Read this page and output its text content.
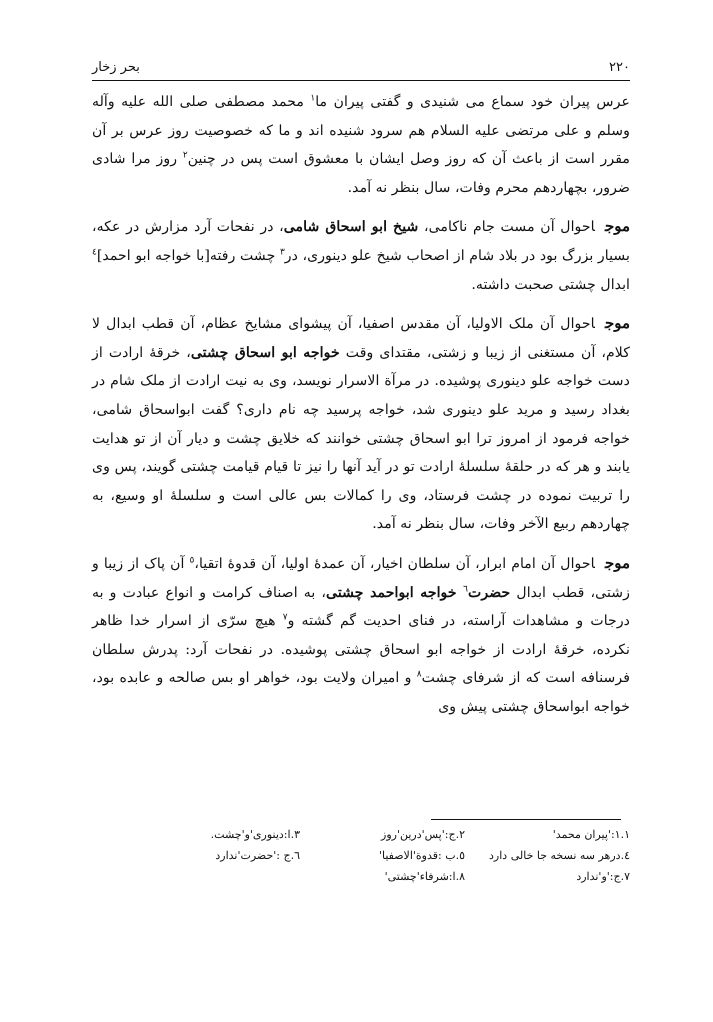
بحر زخار	۲۲۰

عرس پیران خود سماع می شنیدی و گفتی پیران ما$^۱$ محمد مصطفی صلی الله علیه وآله وسلم و علی مرتضی علیه السلام هم سرود شنیده اند و ما که خصوصیت روز عرس بر آن مقرر است از باعث آن که روز وصل ایشان با معشوق است پس در چنین$^۲$ روز مرا شادی ضرور، بچهاردهم محرم وفات، سال بنظر نه آمد.

موجاحوال آن مست جام ناکامی، شیخ ابو اسحاق شامی، در نفحات آرد مزارش در عکه، بسیار بزرگ بود در بلاد شام از اصحاب شیخ علو دینوری، در$^۳$ چشت رفته[با خواجه ابو احمد]$^٤$ ابدال چشتی صحبت داشته.

موجاحوال آن ملک الاولیا، آن مقدس اصفیا، آن پیشوای مشایخ عظام، آن قطب ابدال لا کلام، آن مستغنی از زیبا و زشتی، مقتدای وقت خواجه ابو اسحاق چشتی، خرقهٔ ارادت از دست خواجه علو دینوری پوشیده. در مرآة الاسرار نویسد، وی به نیت ارادت از ملک شام در بغداد رسید و مرید علو دینوری شد، خواجه پرسید چه نام داری؟ گفت ابواسحاق شامی، خواجه فرمود از امروز ترا ابو اسحاق چشتی خوانند که خلایق چشت و دیار آن از تو هدایت یابند و هر که در حلقهٔ سلسلهٔ ارادت تو در آید آنها را نیز تا قیام قیامت چشتی گویند، پس وی را تربیت نموده در چشت فرستاد، وی را کمالات بس عالی است و سلسلهٔ او وسیع، به چهاردهم ربیع الآخر وفات، سال بنظر نه آمد.

موجاحوال آن امام ابرار، آن سلطان اخیار، آن عمدهٔ اولیا، آن قدوهٔ اتقیا،$^٥$ آن پاک از زیبا و زشتی، قطب ابدال حضرت$^٦$ خواجه ابواحمد چشتی، به اصناف کرامت و انواع عبادت و به درجات و مشاهدات آراسته، در فنای احدیت گم گشته و$^۷$ هیچ سرّی از اسرار خدا ظاهر نکرده، خرقهٔ ارادت از خواجه ابو اسحاق چشتی پوشیده. در نفحات آرد: پدرش سلطان فرسنافه است که از شرفای چشت$^۸$ و امیران ولایت بود، خواهر او بس صالحه و عابده بود، خواجه ابواسحاق چشتی پیش وی

۱.۱:'پیران محمد'
۲.ج:'پس'درین'روز
۳.ا:دینوری'و'چشت.
٤.درهر سه نسخه جا خالی دارد
٥.ب :قدوة'الاصفیا'
٦.ج :'حضرت'ندارد
۷.ج:'و'ندارد
۸.ا:شرفاء'چشتی'
